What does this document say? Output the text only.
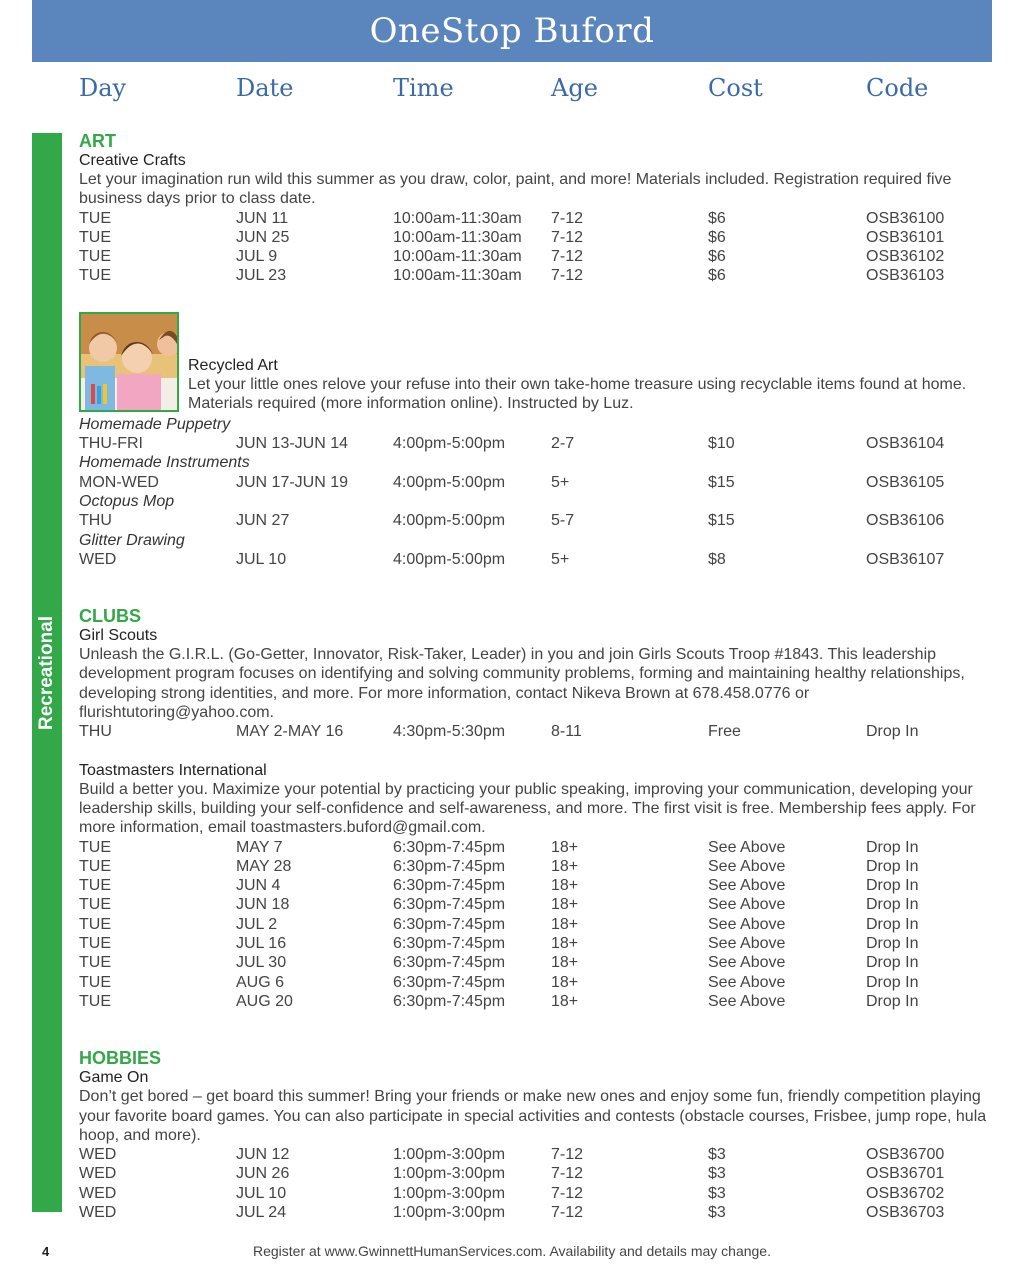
OneStop Buford
Day	Date	Time	Age	Cost	Code
Recreational
ART
Creative Crafts
Let your imagination run wild this summer as you draw, color, paint, and more! Materials included. Registration required five business days prior to class date.
TUE	JUN 11	10:00am-11:30am 7-12	$6	OSB36100
TUE	JUN 25	10:00am-11:30am 7-12	$6	OSB36101
TUE	JUL 9	10:00am-11:30am 7-12	$6	OSB36102
TUE	JUL 23	10:00am-11:30am 7-12	$6	OSB36103
Recycled Art
Let your little ones relove your refuse into their own take-home treasure using recyclable items found at home. Materials required (more information online). Instructed by Luz.
Homemade Puppetry
THU-FRI	JUN 13-JUN 14	4:00pm-5:00pm	2-7	$10	OSB36104
Homemade Instruments
MON-WED	JUN 17-JUN 19	4:00pm-5:00pm	5+	$15	OSB36105
Octopus Mop
THU	JUN 27	4:00pm-5:00pm	5-7	$15	OSB36106
Glitter Drawing
WED	JUL 10	4:00pm-5:00pm	5+	$8	OSB36107
CLUBS
Girl Scouts
Unleash the G.I.R.L. (Go-Getter, Innovator, Risk-Taker, Leader) in you and join Girls Scouts Troop #1843. This leadership development program focuses on identifying and solving community problems, forming and maintaining healthy relationships, developing strong identities, and more. For more information, contact Nikeva Brown at 678.458.0776 or flurishtutoring@yahoo.com.
THU	MAY 2-MAY 16	4:30pm-5:30pm	8-11	Free	Drop In
Toastmasters International
Build a better you. Maximize your potential by practicing your public speaking, improving your communication, developing your leadership skills, building your self-confidence and self-awareness, and more. The first visit is free. Membership fees apply. For more information, email toastmasters.buford@gmail.com.
TUE	MAY 7	6:30pm-7:45pm	18+	See Above	Drop In
TUE	MAY 28	6:30pm-7:45pm	18+	See Above	Drop In
TUE	JUN 4	6:30pm-7:45pm	18+	See Above	Drop In
TUE	JUN 18	6:30pm-7:45pm	18+	See Above	Drop In
TUE	JUL 2	6:30pm-7:45pm	18+	See Above	Drop In
TUE	JUL 16	6:30pm-7:45pm	18+	See Above	Drop In
TUE	JUL 30	6:30pm-7:45pm	18+	See Above	Drop In
TUE	AUG 6	6:30pm-7:45pm	18+	See Above	Drop In
TUE	AUG 20	6:30pm-7:45pm	18+	See Above	Drop In
HOBBIES
Game On
Don’t get bored – get board this summer! Bring your friends or make new ones and enjoy some fun, friendly competition playing your favorite board games. You can also participate in special activities and contests (obstacle courses, Frisbee, jump rope, hula hoop, and more).
WED	JUN 12	1:00pm-3:00pm	7-12	$3	OSB36700
WED	JUN 26	1:00pm-3:00pm	7-12	$3	OSB36701
WED	JUL 10	1:00pm-3:00pm	7-12	$3	OSB36702
WED	JUL 24	1:00pm-3:00pm	7-12	$3	OSB36703
4	Register at www.GwinnettHumanServices.com. Availability and details may change.
